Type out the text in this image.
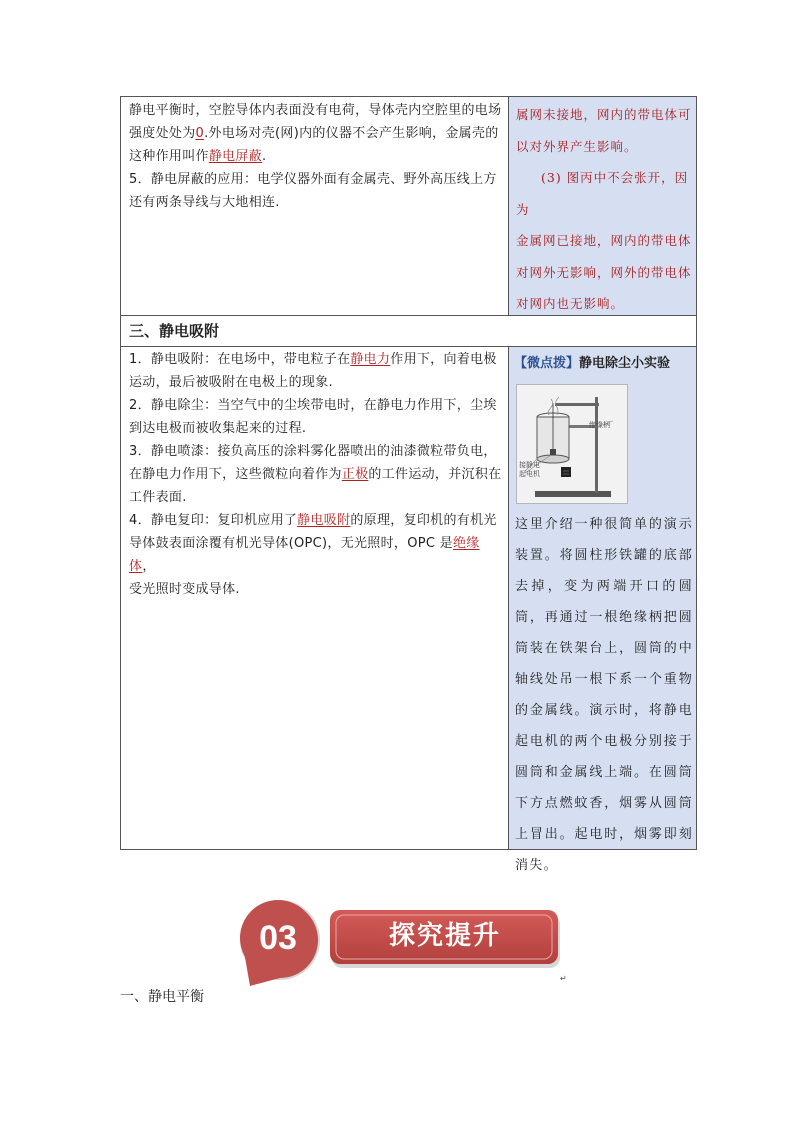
静电平衡时，空腔导体内表面没有电荷，导体壳内空腔里的电场

强度处处为0.外电场对壳(网)内的仪器不会产生影响，金属壳的

这种作用叫作静电屏蔽.

5．静电屏蔽的应用：电学仪器外面有金属壳、野外高压线上方

还有两条导线与大地相连.

属网未接地，网内的带电体可

以对外界产生影响。

(3) 图丙中不会张开，因为

金属网已接地，网内的带电体

对网外无影响，网外的带电体

对网内也无影响。

三、静电吸附

1．静电吸附：在电场中，带电粒子在静电力作用下，向着电极

运动，最后被吸附在电极上的现象.

2．静电除尘：当空气中的尘埃带电时，在静电力作用下，尘埃

到达电极而被收集起来的过程.

3．静电喷漆：接负高压的涂料雾化器喷出的油漆微粒带负电，

在静电力作用下，这些微粒向着作为正极的工件运动，并沉积在

工件表面.

4．静电复印：复印机应用了静电吸附的原理，复印机的有机光

导体鼓表面涂覆有机光导体(OPC)，无光照时，OPC 是绝缘体，

受光照时变成导体.

【微点拨】静电除尘小实验
绝缘柄
接静电
起电机
这里介绍一种很简单的演示装置。将圆柱形铁罐的底部去掉，变为两端开口的圆筒，再通过一根绝缘柄把圆筒装在铁架台上，圆筒的中轴线处吊一根下系一个重物的金属线。演示时，将静电起电机的两个电极分别接于圆筒和金属线上端。在圆筒下方点燃蚊香，烟雾从圆筒上冒出。起电时，烟雾即刻消失。
03	探究提升
↵
一、静电平衡
